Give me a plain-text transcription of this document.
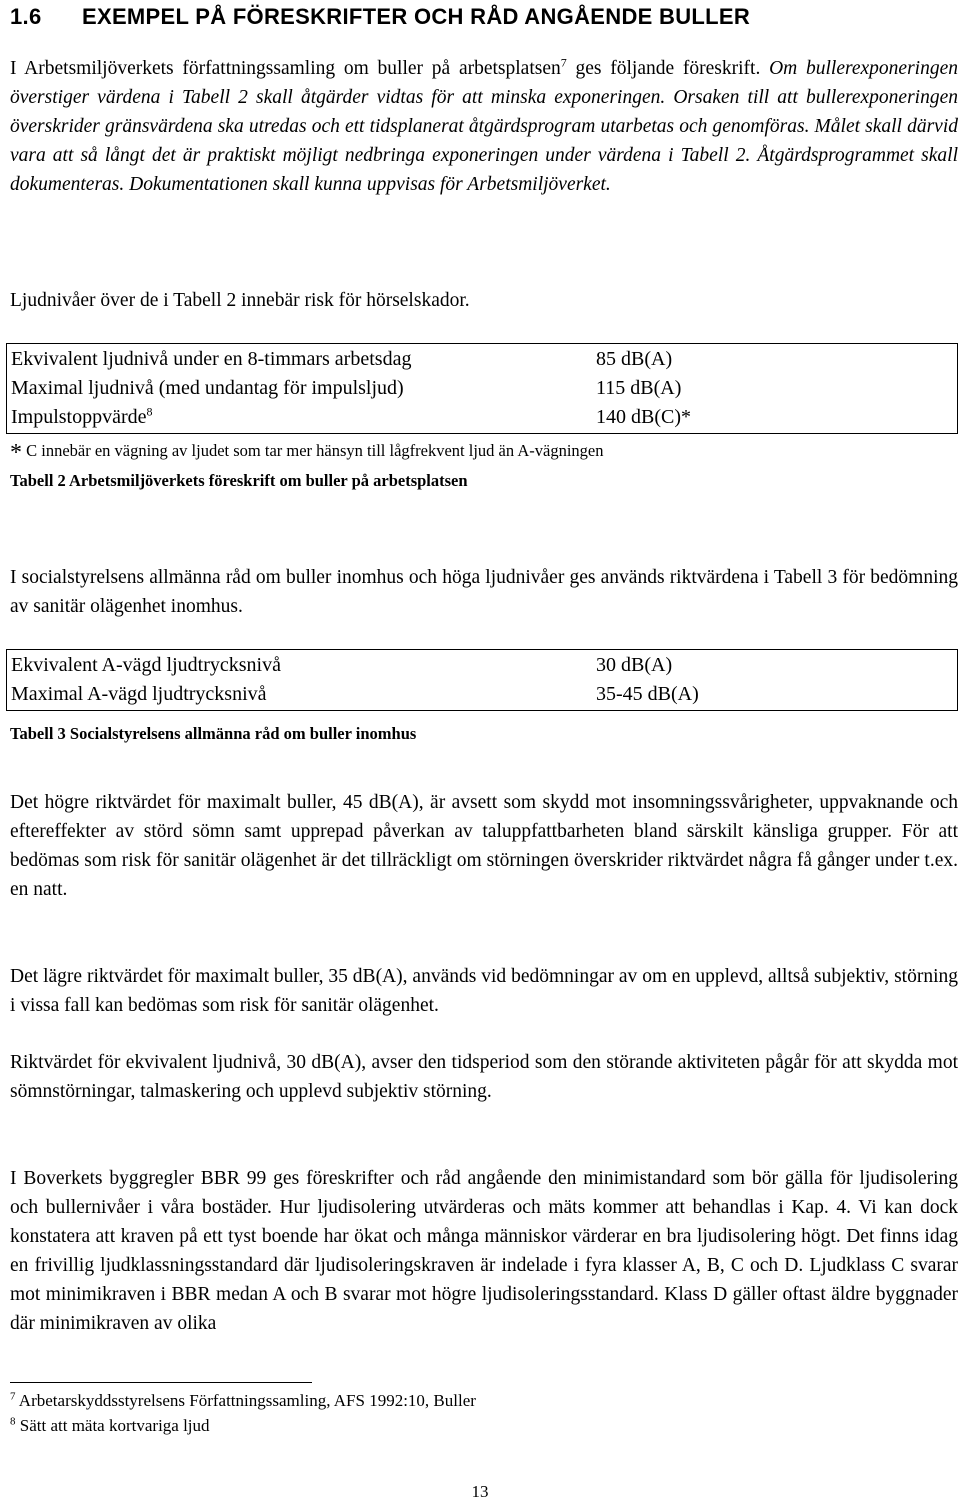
1.6 EXEMPEL PÅ FÖRESKRIFTER OCH RÅD ANGÅENDE BULLER

I Arbetsmiljöverkets författningssamling om buller på arbetsplatsen$^7$ ges följande föreskrift. Om bullerexponeringen överstiger värdena i Tabell 2 skall åtgärder vidtas för att minska exponeringen. Orsaken till att bullerexponeringen överskrider gränsvärdena ska utredas och ett tidsplanerat åtgärdsprogram utarbetas och genomföras. Målet skall därvid vara att så långt det är praktiskt möjligt nedbringa exponeringen under värdena i Tabell 2. Åtgärdsprogrammet skall dokumenteras. Dokumentationen skall kunna uppvisas för Arbetsmiljöverket.

Ljudnivåer över de i Tabell 2 innebär risk för hörselskador.

Ekvivalent ljudnivå under en 8-timmars arbetsdag	85 dB(A)
Maximal ljudnivå (med undantag för impulsljud)	115 dB(A)
Impulstoppvärde$^8$	140 dB(C)*
* C innebär en vägning av ljudet som tar mer hänsyn till lågfrekvent ljud än A-vägningen
Tabell 2 Arbetsmiljöverkets föreskrift om buller på arbetsplatsen

I socialstyrelsens allmänna råd om buller inomhus och höga ljudnivåer ges används riktvärdena i Tabell 3 för bedömning av sanitär olägenhet inomhus.

Ekvivalent A-vägd ljudtrycksnivå	30 dB(A)
Maximal A-vägd ljudtrycksnivå	35-45 dB(A)
Tabell 3 Socialstyrelsens allmänna råd om buller inomhus

Det högre riktvärdet för maximalt buller, 45 dB(A), är avsett som skydd mot insomningssvårigheter, uppvaknande och eftereffekter av störd sömn samt upprepad påverkan av taluppfattbarheten bland särskilt känsliga grupper. För att bedömas som risk för sanitär olägenhet är det tillräckligt om störningen överskrider riktvärdet några få gånger under t.ex. en natt.

Det lägre riktvärdet för maximalt buller, 35 dB(A), används vid bedömningar av om en upplevd, alltså subjektiv, störning i vissa fall kan bedömas som risk för sanitär olägenhet.

Riktvärdet för ekvivalent ljudnivå, 30 dB(A), avser den tidsperiod som den störande aktiviteten pågår för att skydda mot sömnstörningar, talmaskering och upplevd subjektiv störning.

I Boverkets byggregler BBR 99 ges föreskrifter och råd angående den minimistandard som bör gälla för ljudisolering och bullernivåer i våra bostäder. Hur ljudisolering utvärderas och mäts kommer att behandlas i Kap. 4. Vi kan dock konstatera att kraven på ett tyst boende har ökat och många människor värderar en bra ljudisolering högt. Det finns idag en frivillig ljudklassningsstandard där ljudisoleringskraven är indelade i fyra klasser A, B, C och D. Ljudklass C svarar mot minimikraven i BBR medan A och B svarar mot högre ljudisoleringsstandard. Klass D gäller oftast äldre byggnader där minimikraven av olika

$^7$ Arbetarskyddsstyrelsens Författningssamling, AFS 1992:10, Buller
$^8$ Sätt att mäta kortvariga ljud
13
